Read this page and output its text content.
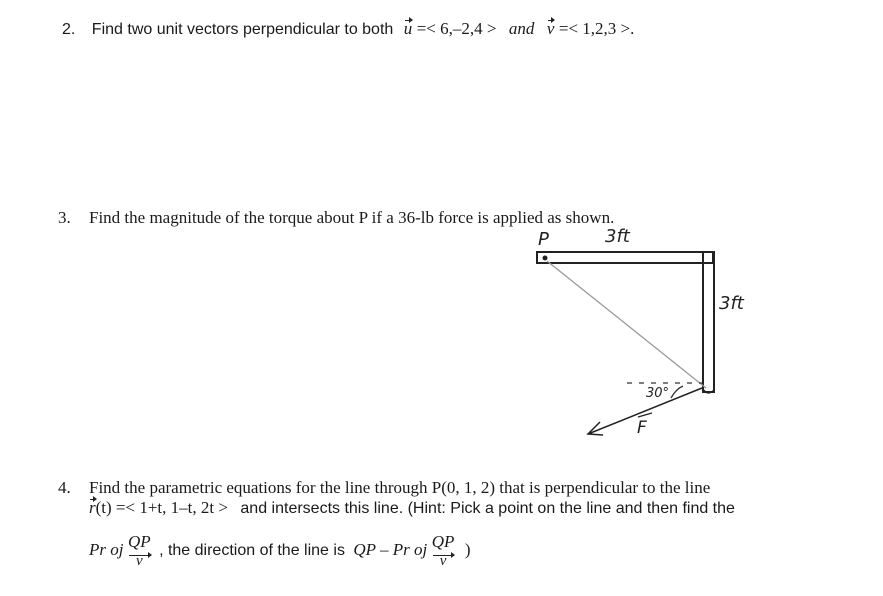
2. Find two unit vectors perpendicular to both u =< 6,–2,4 > and v =< 1,2,3 >.
3. Find the magnitude of the torque about P if a 36-lb force is applied as shown.
P	3ft
3ft
30°
F
4. Find the parametric equations for the line through P(0, 1, 2) that is perpendicular to the line
r(t) =< 1+t, 1–t, 2t > and intersects this line. (Hint: Pick a point on the line and then find the
Pr oj QP
v
, the direction of the line is QP – Pr oj QP
v
)
